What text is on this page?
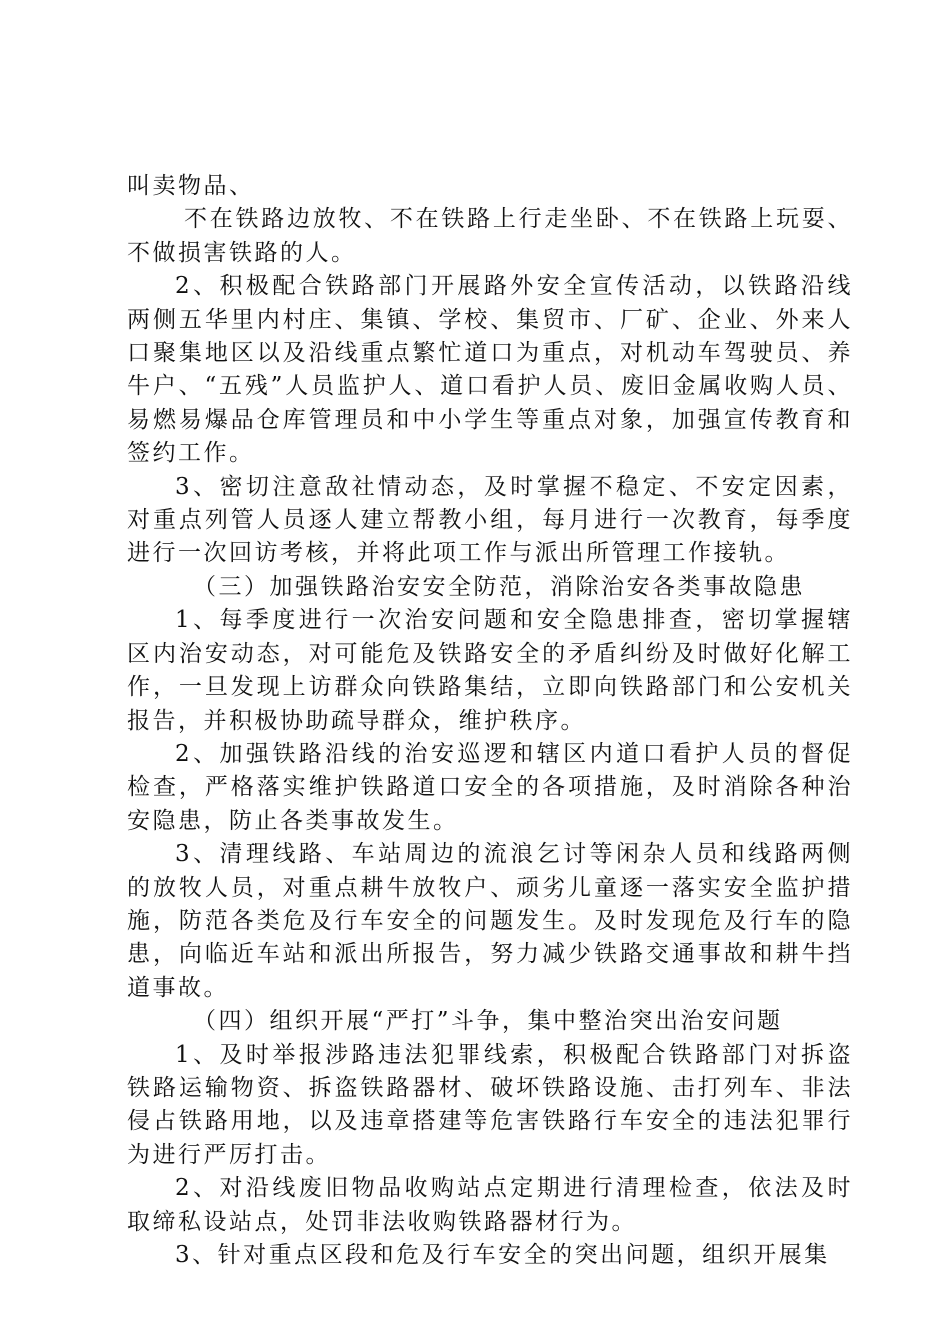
叫卖物品、

不在铁路边放牧、不在铁路上行走坐卧、不在铁路上玩耍、不做损害铁路的人。

2、积极配合铁路部门开展路外安全宣传活动，以铁路沿线两侧五华里内村庄、集镇、学校、集贸市、厂矿、企业、外来人口聚集地区以及沿线重点繁忙道口为重点，对机动车驾驶员、养牛户、“五残”人员监护人、道口看护人员、废旧金属收购人员、易燃易爆品仓库管理员和中小学生等重点对象，加强宣传教育和签约工作。

3、密切注意敌社情动态，及时掌握不稳定、不安定因素，对重点列管人员逐人建立帮教小组，每月进行一次教育，每季度进行一次回访考核，并将此项工作与派出所管理工作接轨。

（三）加强铁路治安安全防范，消除治安各类事故隐患

1、每季度进行一次治安问题和安全隐患排查，密切掌握辖区内治安动态，对可能危及铁路安全的矛盾纠纷及时做好化解工作，一旦发现上访群众向铁路集结，立即向铁路部门和公安机关报告，并积极协助疏导群众，维护秩序。

2、加强铁路沿线的治安巡逻和辖区内道口看护人员的督促检查，严格落实维护铁路道口安全的各项措施，及时消除各种治安隐患，防止各类事故发生。

3、清理线路、车站周边的流浪乞讨等闲杂人员和线路两侧的放牧人员，对重点耕牛放牧户、顽劣儿童逐一落实安全监护措施，防范各类危及行车安全的问题发生。及时发现危及行车的隐患，向临近车站和派出所报告，努力减少铁路交通事故和耕牛挡道事故。

（四）组织开展“严打”斗争，集中整治突出治安问题

1、及时举报涉路违法犯罪线索，积极配合铁路部门对拆盗铁路运输物资、拆盗铁路器材、破坏铁路设施、击打列车、非法侵占铁路用地，以及违章搭建等危害铁路行车安全的违法犯罪行为进行严厉打击。

2、对沿线废旧物品收购站点定期进行清理检查，依法及时取缔私设站点，处罚非法收购铁路器材行为。

3、针对重点区段和危及行车安全的突出问题，组织开展集
